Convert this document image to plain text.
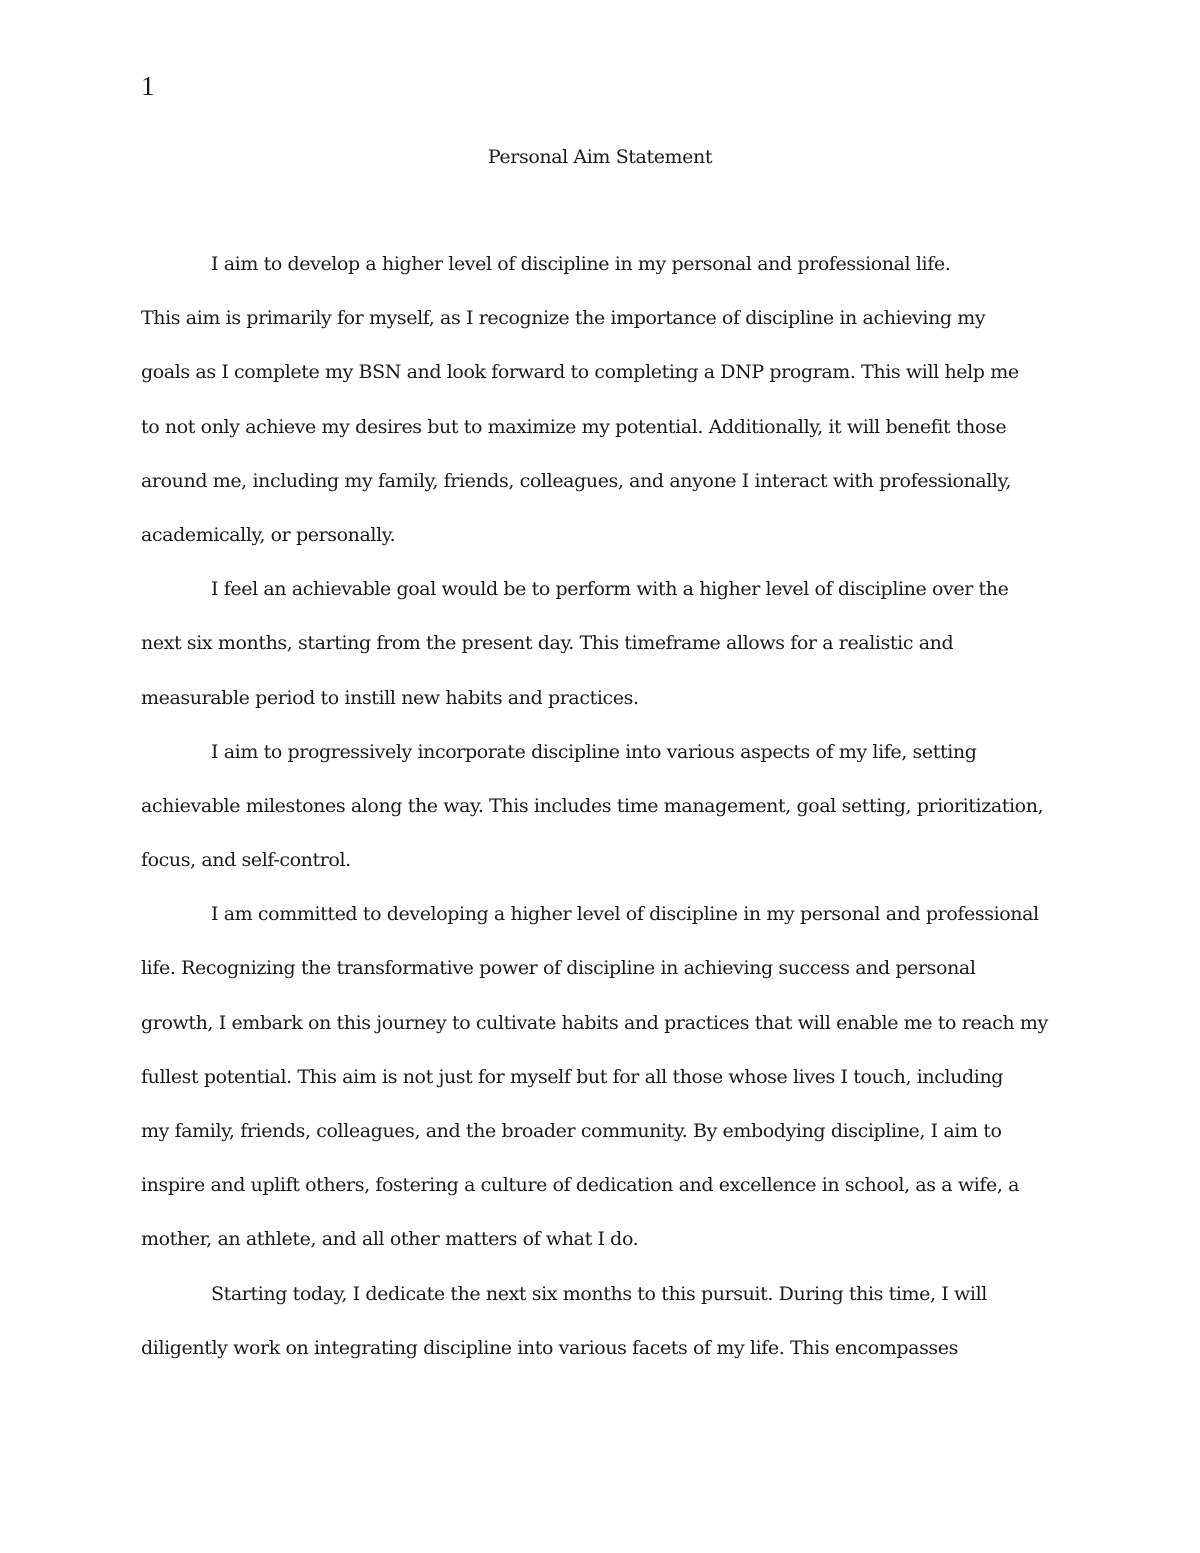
1
Personal Aim Statement
I aim to develop a higher level of discipline in my personal and professional life.
This aim is primarily for myself, as I recognize the importance of discipline in achieving my
goals as I complete my BSN and look forward to completing a DNP program. This will help me
to not only achieve my desires but to maximize my potential. Additionally, it will benefit those
around me, including my family, friends, colleagues, and anyone I interact with professionally,
academically, or personally.
I feel an achievable goal would be to perform with a higher level of discipline over the
next six months, starting from the present day. This timeframe allows for a realistic and
measurable period to instill new habits and practices.
I aim to progressively incorporate discipline into various aspects of my life, setting
achievable milestones along the way. This includes time management, goal setting, prioritization,
focus, and self-control.
I am committed to developing a higher level of discipline in my personal and professional
life. Recognizing the transformative power of discipline in achieving success and personal
growth, I embark on this journey to cultivate habits and practices that will enable me to reach my
fullest potential. This aim is not just for myself but for all those whose lives I touch, including
my family, friends, colleagues, and the broader community. By embodying discipline, I aim to
inspire and uplift others, fostering a culture of dedication and excellence in school, as a wife, a
mother, an athlete, and all other matters of what I do.
Starting today, I dedicate the next six months to this pursuit. During this time, I will
diligently work on integrating discipline into various facets of my life. This encompasses
